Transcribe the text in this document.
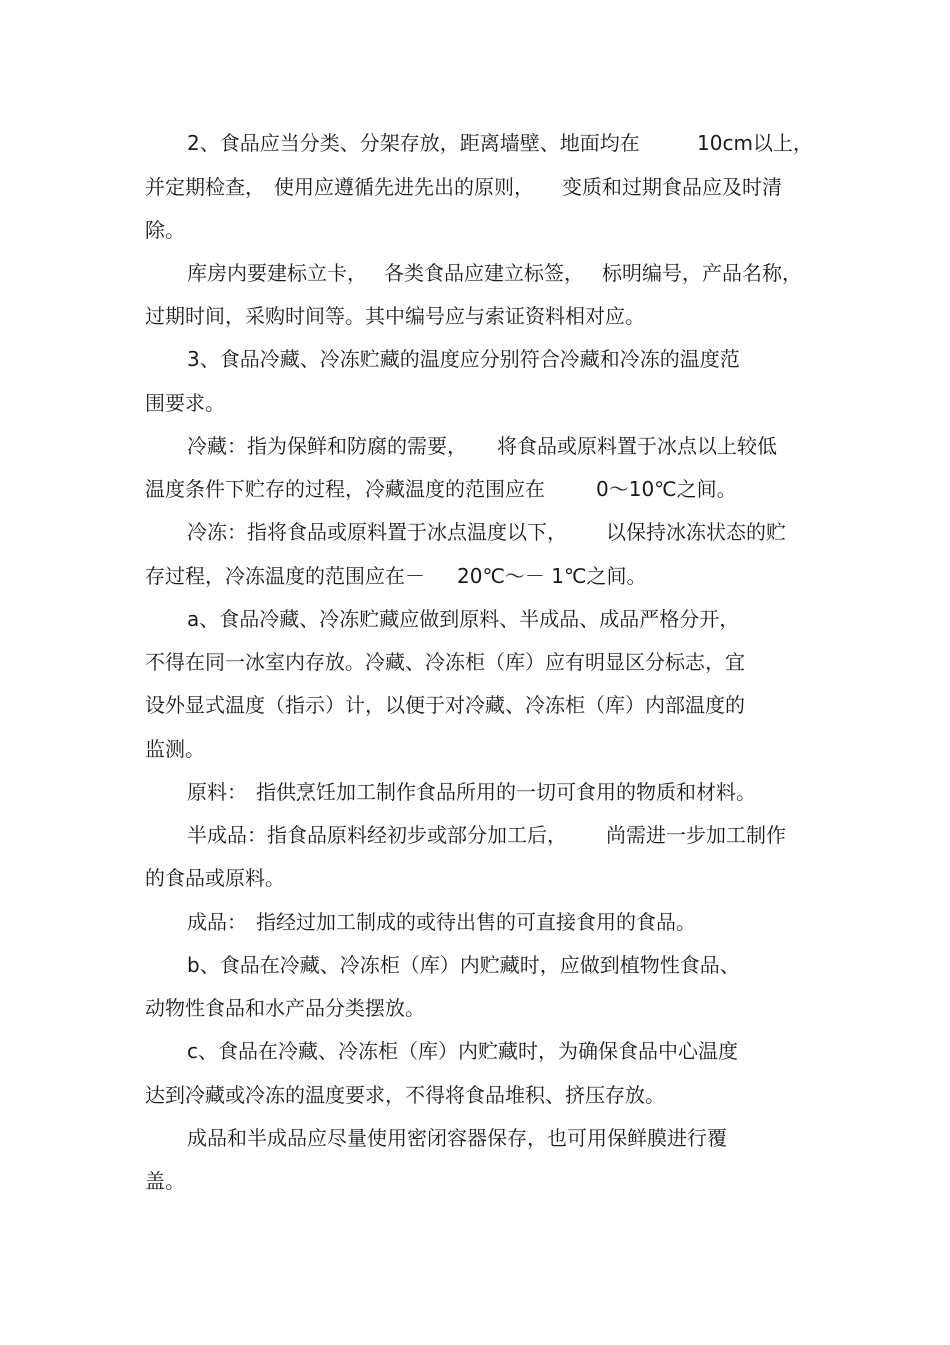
2、食品应当分类、分架存放，距离墙壁、地面均在	10cm以上，
并定期检查， 使用应遵循先进先出的原则， 变质和过期食品应及时清
除。
库房内要建标立卡， 各类食品应建立标签， 标明编号，产品名称，
过期时间，采购时间等。其中编号应与索证资料相对应。
3、食品冷藏、冷冻贮藏的温度应分别符合冷藏和冷冻的温度范
围要求。
冷藏：指为保鲜和防腐的需要， 将食品或原料置于冰点以上较低
温度条件下贮存的过程，冷藏温度的范围应在	0～10℃之间。
冷冻：指将食品或原料置于冰点温度以下， 以保持冰冻状态的贮
存过程，冷冻温度的范围应在－ 20℃～－ 1℃之间。
a、食品冷藏、冷冻贮藏应做到原料、半成品、成品严格分开，
不得在同一冰室内存放。冷藏、冷冻柜（库）应有明显区分标志，宜
设外显式温度（指示）计，以便于对冷藏、冷冻柜（库）内部温度的
监测。
原料： 指供烹饪加工制作食品所用的一切可食用的物质和材料。
半成品：指食品原料经初步或部分加工后， 尚需进一步加工制作
的食品或原料。
成品： 指经过加工制成的或待出售的可直接食用的食品。
b、食品在冷藏、冷冻柜（库）内贮藏时，应做到植物性食品、
动物性食品和水产品分类摆放。
c、食品在冷藏、冷冻柜（库）内贮藏时，为确保食品中心温度
达到冷藏或冷冻的温度要求，不得将食品堆积、挤压存放。
成品和半成品应尽量使用密闭容器保存，也可用保鲜膜进行覆
盖。
